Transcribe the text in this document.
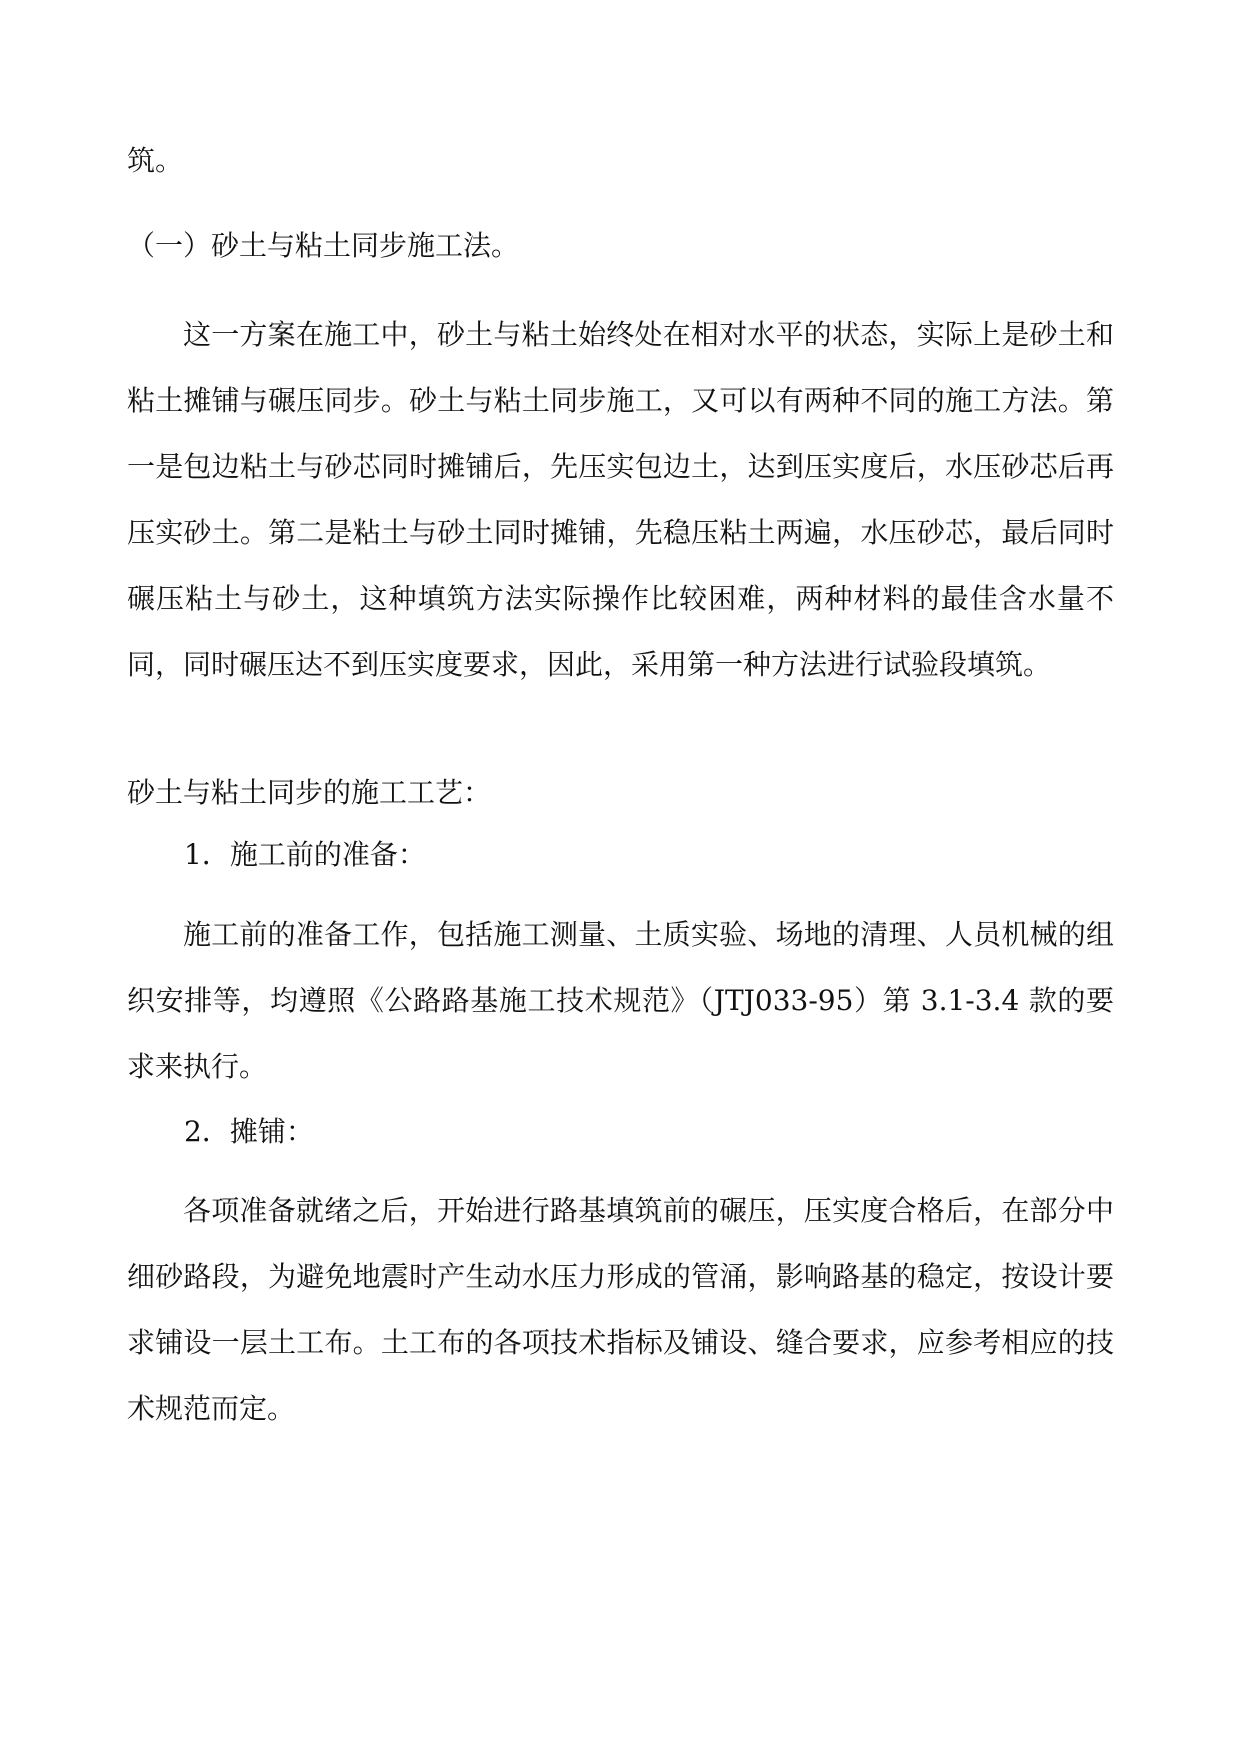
筑。
（一）砂土与粘土同步施工法。
这一方案在施工中，砂土与粘土始终处在相对水平的状态，实际上是砂土和粘土摊铺与碾压同步。砂土与粘土同步施工，又可以有两种不同的施工方法。第一是包边粘土与砂芯同时摊铺后，先压实包边土，达到压实度后，水压砂芯后再压实砂土。第二是粘土与砂土同时摊铺，先稳压粘土两遍，水压砂芯，最后同时碾压粘土与砂土，这种填筑方法实际操作比较困难，两种材料的最佳含水量不同，同时碾压达不到压实度要求，因此，采用第一种方法进行试验段填筑。
砂土与粘土同步的施工工艺：
1．施工前的准备：
施工前的准备工作，包括施工测量、土质实验、场地的清理、人员机械的组织安排等，均遵照《公路路基施工技术规范》（JTJ033-95）第 3.1-3.4 款的要求来执行。
2．摊铺：
各项准备就绪之后，开始进行路基填筑前的碾压，压实度合格后，在部分中细砂路段，为避免地震时产生动水压力形成的管涌，影响路基的稳定，按设计要求铺设一层土工布。土工布的各项技术指标及铺设、缝合要求，应参考相应的技术规范而定。
